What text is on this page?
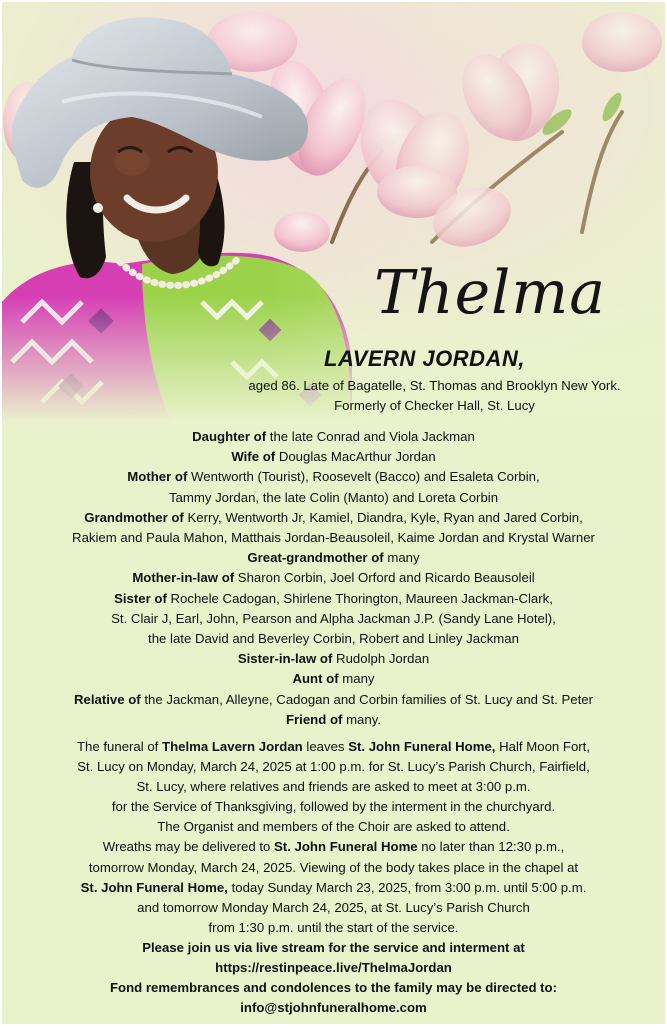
Thelma
LAVERN JORDAN,
aged 86. Late of Bagatelle, St. Thomas and Brooklyn New York.
Formerly of Checker Hall, St. Lucy
Daughter of the late Conrad and Viola Jackman
Wife of Douglas MacArthur Jordan
Mother of Wentworth (Tourist), Roosevelt (Bacco) and Esaleta Corbin,
Tammy Jordan, the late Colin (Manto) and Loreta Corbin
Grandmother of Kerry, Wentworth Jr, Kamiel, Diandra, Kyle, Ryan and Jared Corbin,
Rakiem and Paula Mahon, Matthais Jordan-Beausoleil, Kaime Jordan and Krystal Warner
Great-grandmother of many
Mother-in-law of Sharon Corbin, Joel Orford and Ricardo Beausoleil
Sister of Rochele Cadogan, Shirlene Thorington, Maureen Jackman-Clark,
St. Clair J, Earl, John, Pearson and Alpha Jackman J.P. (Sandy Lane Hotel),
the late David and Beverley Corbin, Robert and Linley Jackman
Sister-in-law of Rudolph Jordan
Aunt of many
Relative of the Jackman, Alleyne, Cadogan and Corbin families of St. Lucy and St. Peter
Friend of many.
The funeral of Thelma Lavern Jordan leaves St. John Funeral Home, Half Moon Fort,
St. Lucy on Monday, March 24, 2025 at 1:00 p.m. for St. Lucy’s Parish Church, Fairfield,
St. Lucy, where relatives and friends are asked to meet at 3:00 p.m.
for the Service of Thanksgiving, followed by the interment in the churchyard.
The Organist and members of the Choir are asked to attend.
Wreaths may be delivered to St. John Funeral Home no later than 12:30 p.m.,
tomorrow Monday, March 24, 2025. Viewing of the body takes place in the chapel at
St. John Funeral Home, today Sunday March 23, 2025, from 3:00 p.m. until 5:00 p.m.
and tomorrow Monday March 24, 2025, at St. Lucy’s Parish Church
from 1:30 p.m. until the start of the service.
Please join us via live stream for the service and interment at
https://restinpeace.live/ThelmaJordan
Fond remembrances and condolences to the family may be directed to:
info@stjohnfuneralhome.com
